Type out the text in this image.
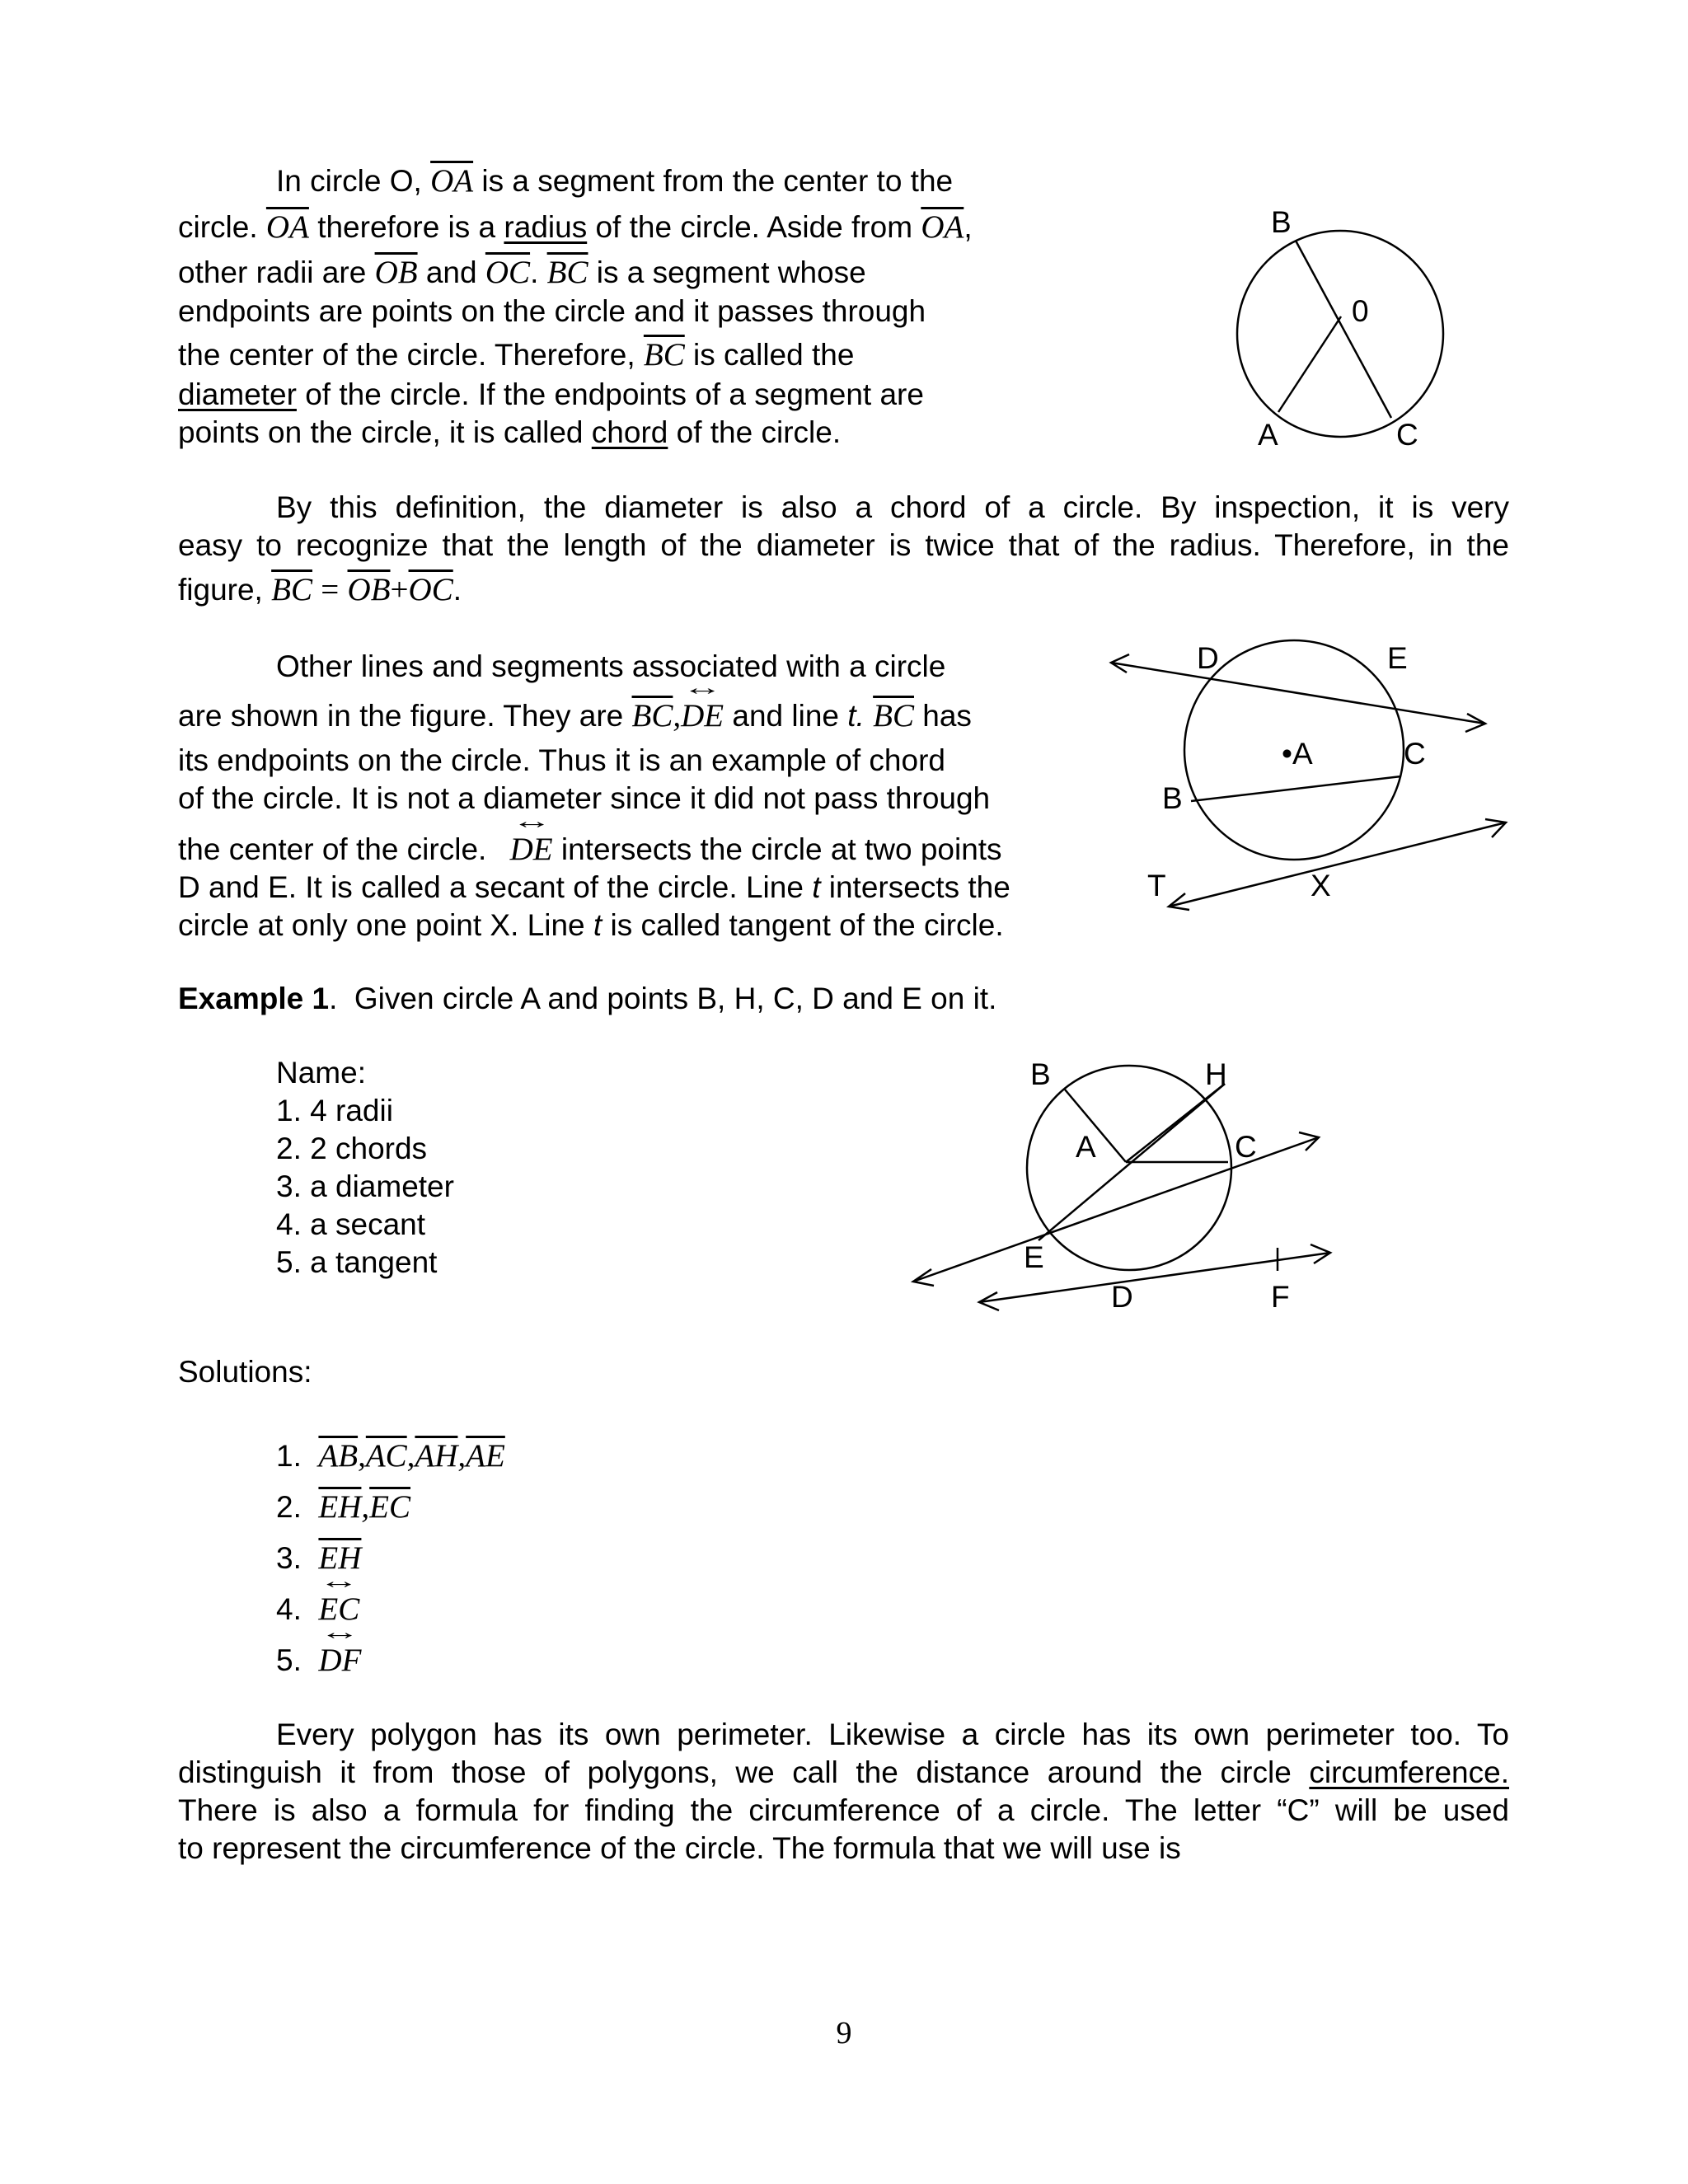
In circle O, $\overline{OA}$ is a segment from the center to the
circle. $\overline{OA}$ therefore is a radius of the circle. Aside from $\overline{OA}$,
other radii are $\overline{OB}$ and $\overline{OC}$. $\overline{BC}$ is a segment whose
endpoints are points on the circle and it passes through
the center of the circle. Therefore, $\overline{BC}$ is called the
diameter of the circle. If the endpoints of a segment are
points on the circle, it is called chord of the circle.
B
0
A	C
By this definition, the diameter is also a chord of a circle. By inspection, it is very
easy to recognize that the length of the diameter is twice that of the radius. Therefore, in the
figure, $\overline{BC} = \overline{OB}+\overline{OC}$.
Other lines and segments associated with a circle
are shown in the figure. They are $\overline{BC},\leftrightarrow$ DE and line t. $\overline{BC}$ has
its endpoints on the circle. Thus it is an example of chord
of the circle. It is not a diameter since it did not pass through
the center of the circle. ↔ DE intersects the circle at two points
D and E. It is called a secant of the circle. Line t intersects the
circle at only one point X. Line t is called tangent of the circle.
D	E
•A	C
B
T	X
Example 1. Given circle A and points B, H, C, D and E on it.
Name:
1. 4 radii
2. 2 chords
3. a diameter
4. a secant
5. a tangent
B	H
A	C
E
D	F
Solutions:
1. $\overline{AB},\overline{AC},\overline{AH},\overline{AE}$
2. $\overline{EH},\overline{EC}$
3. $\overline{EH}$
4. ↔ EC
5. ↔ DF
Every polygon has its own perimeter. Likewise a circle has its own perimeter too. To
distinguish it from those of polygons, we call the distance around the circle circumference.
There is also a formula for finding the circumference of a circle. The letter “C” will be used
to represent the circumference of the circle. The formula that we will use is
9
